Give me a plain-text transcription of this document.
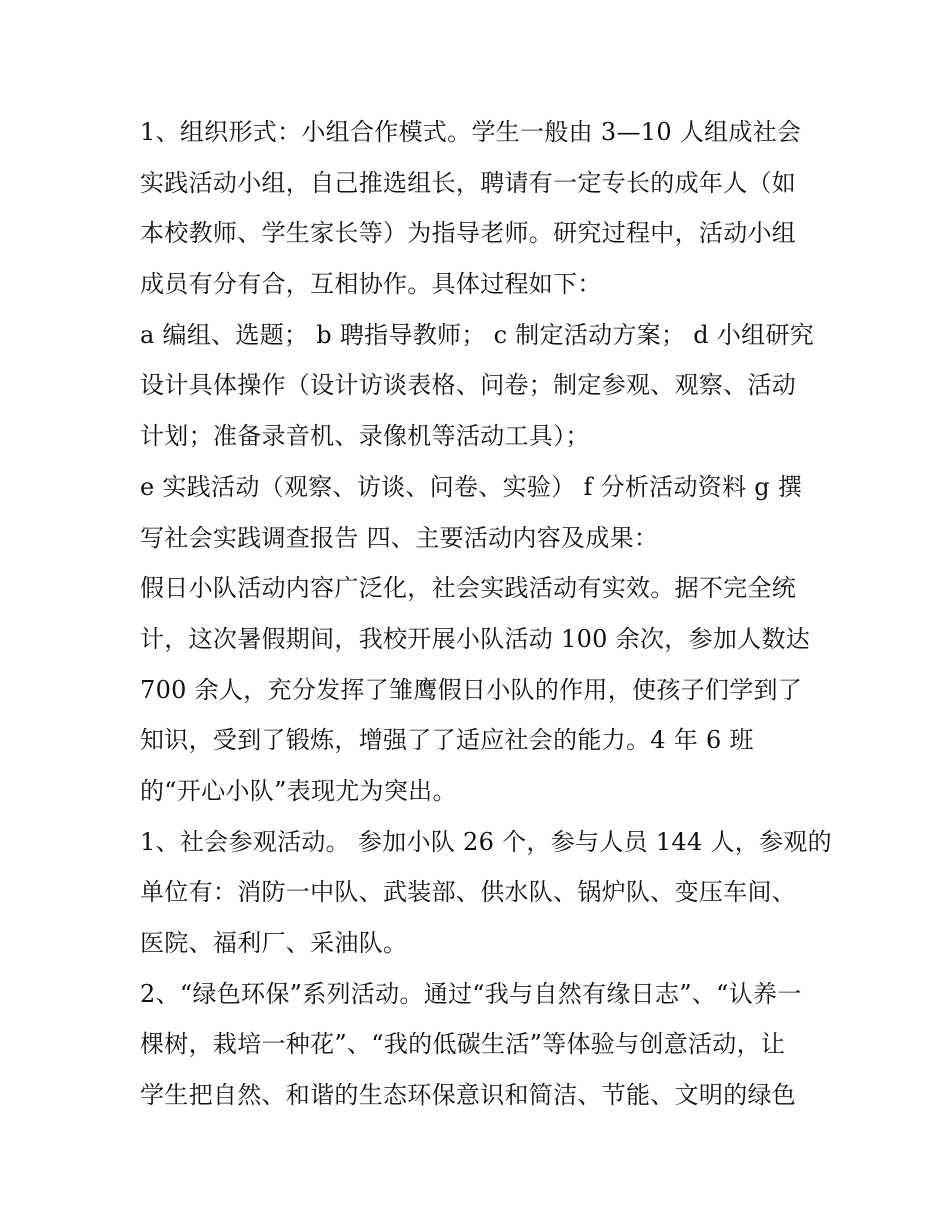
1、组织形式：小组合作模式。学生一般由 3—10 人组成社会
实践活动小组，自己推选组长，聘请有一定专长的成年人（如
本校教师、学生家长等）为指导老师。研究过程中，活动小组
成员有分有合，互相协作。具体过程如下：
a 编组、选题； b 聘指导教师； c 制定活动方案； d 小组研究
设计具体操作（设计访谈表格、问卷；制定参观、观察、活动
计划；准备录音机、录像机等活动工具）；
e 实践活动（观察、访谈、问卷、实验） f 分析活动资料 g 撰
写社会实践调查报告 四、主要活动内容及成果：
假日小队活动内容广泛化，社会实践活动有实效。据不完全统
计，这次暑假期间，我校开展小队活动 100 余次，参加人数达
700 余人，充分发挥了雏鹰假日小队的作用，使孩子们学到了
知识，受到了锻炼，增强了了适应社会的能力。4 年 6 班
的“开心小队”表现尤为突出。
1、社会参观活动。 参加小队 26 个，参与人员 144 人，参观的
单位有：消防一中队、武装部、供水队、锅炉队、变压车间、
医院、福利厂、采油队。
2、“绿色环保”系列活动。通过“我与自然有缘日志”、“认养一
棵树，栽培一种花”、“我的低碳生活”等体验与创意活动，让
学生把自然、和谐的生态环保意识和简洁、节能、文明的绿色
